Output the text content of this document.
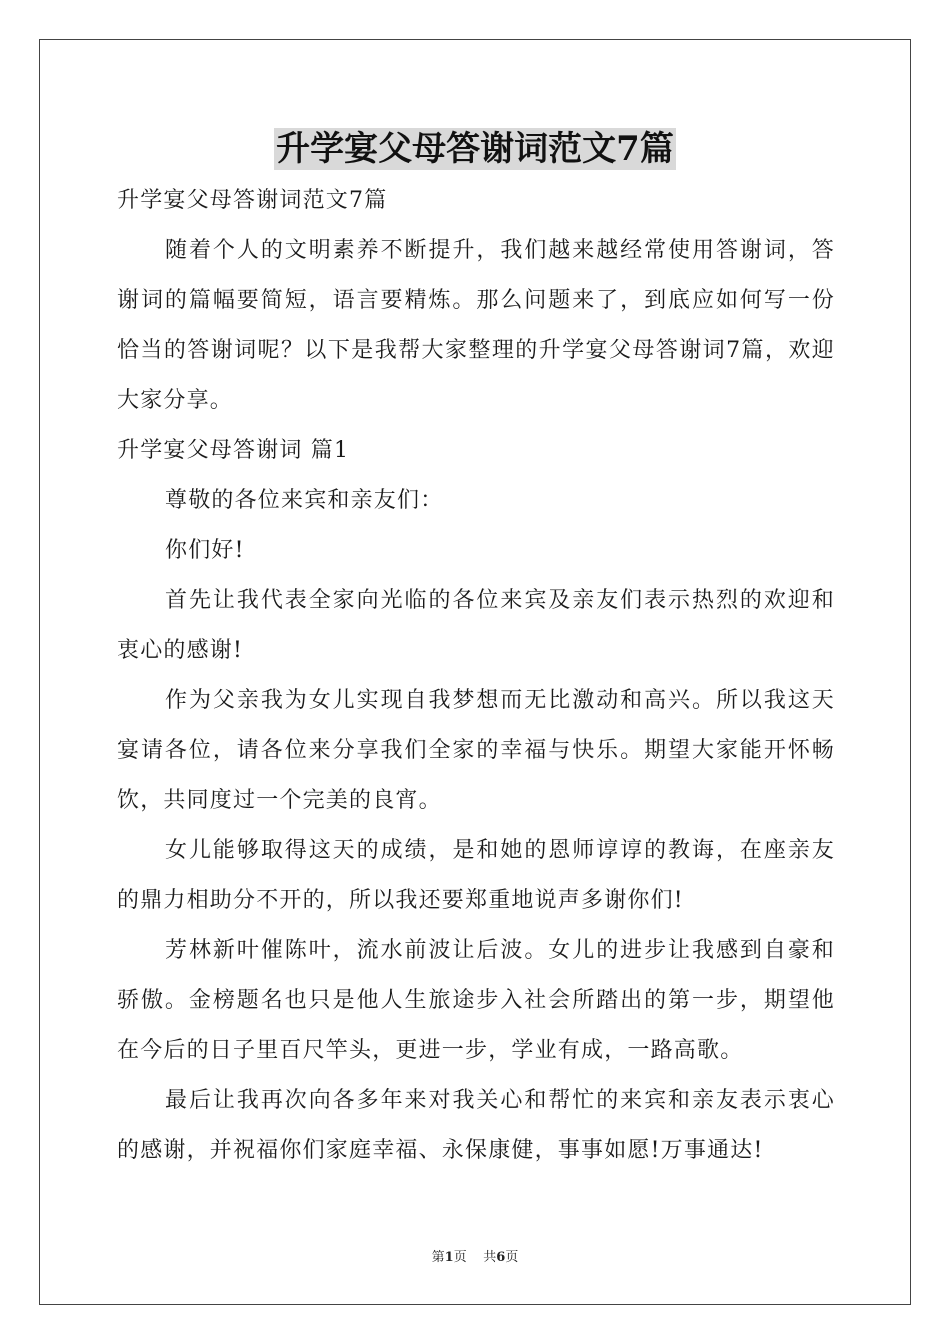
升学宴父母答谢词范文7篇

升学宴父母答谢词范文7篇

随着个人的文明素养不断提升，我们越来越经常使用答谢词，答谢词的篇幅要简短，语言要精炼。那么问题来了，到底应如何写一份恰当的答谢词呢？以下是我帮大家整理的升学宴父母答谢词7篇，欢迎大家分享。

升学宴父母答谢词 篇1

尊敬的各位来宾和亲友们：

你们好!

首先让我代表全家向光临的各位来宾及亲友们表示热烈的欢迎和衷心的感谢!

作为父亲我为女儿实现自我梦想而无比激动和高兴。所以我这天宴请各位，请各位来分享我们全家的幸福与快乐。期望大家能开怀畅饮，共同度过一个完美的良宵。

女儿能够取得这天的成绩，是和她的恩师谆谆的教诲，在座亲友的鼎力相助分不开的，所以我还要郑重地说声多谢你们!

芳林新叶催陈叶，流水前波让后波。女儿的进步让我感到自豪和骄傲。金榜题名也只是他人生旅途步入社会所踏出的第一步，期望他在今后的日子里百尺竿头，更进一步，学业有成，一路高歌。

最后让我再次向各多年来对我关心和帮忙的来宾和亲友表示衷心的感谢，并祝福你们家庭幸福、永保康健，事事如愿!万事通达!

第1页 共6页
